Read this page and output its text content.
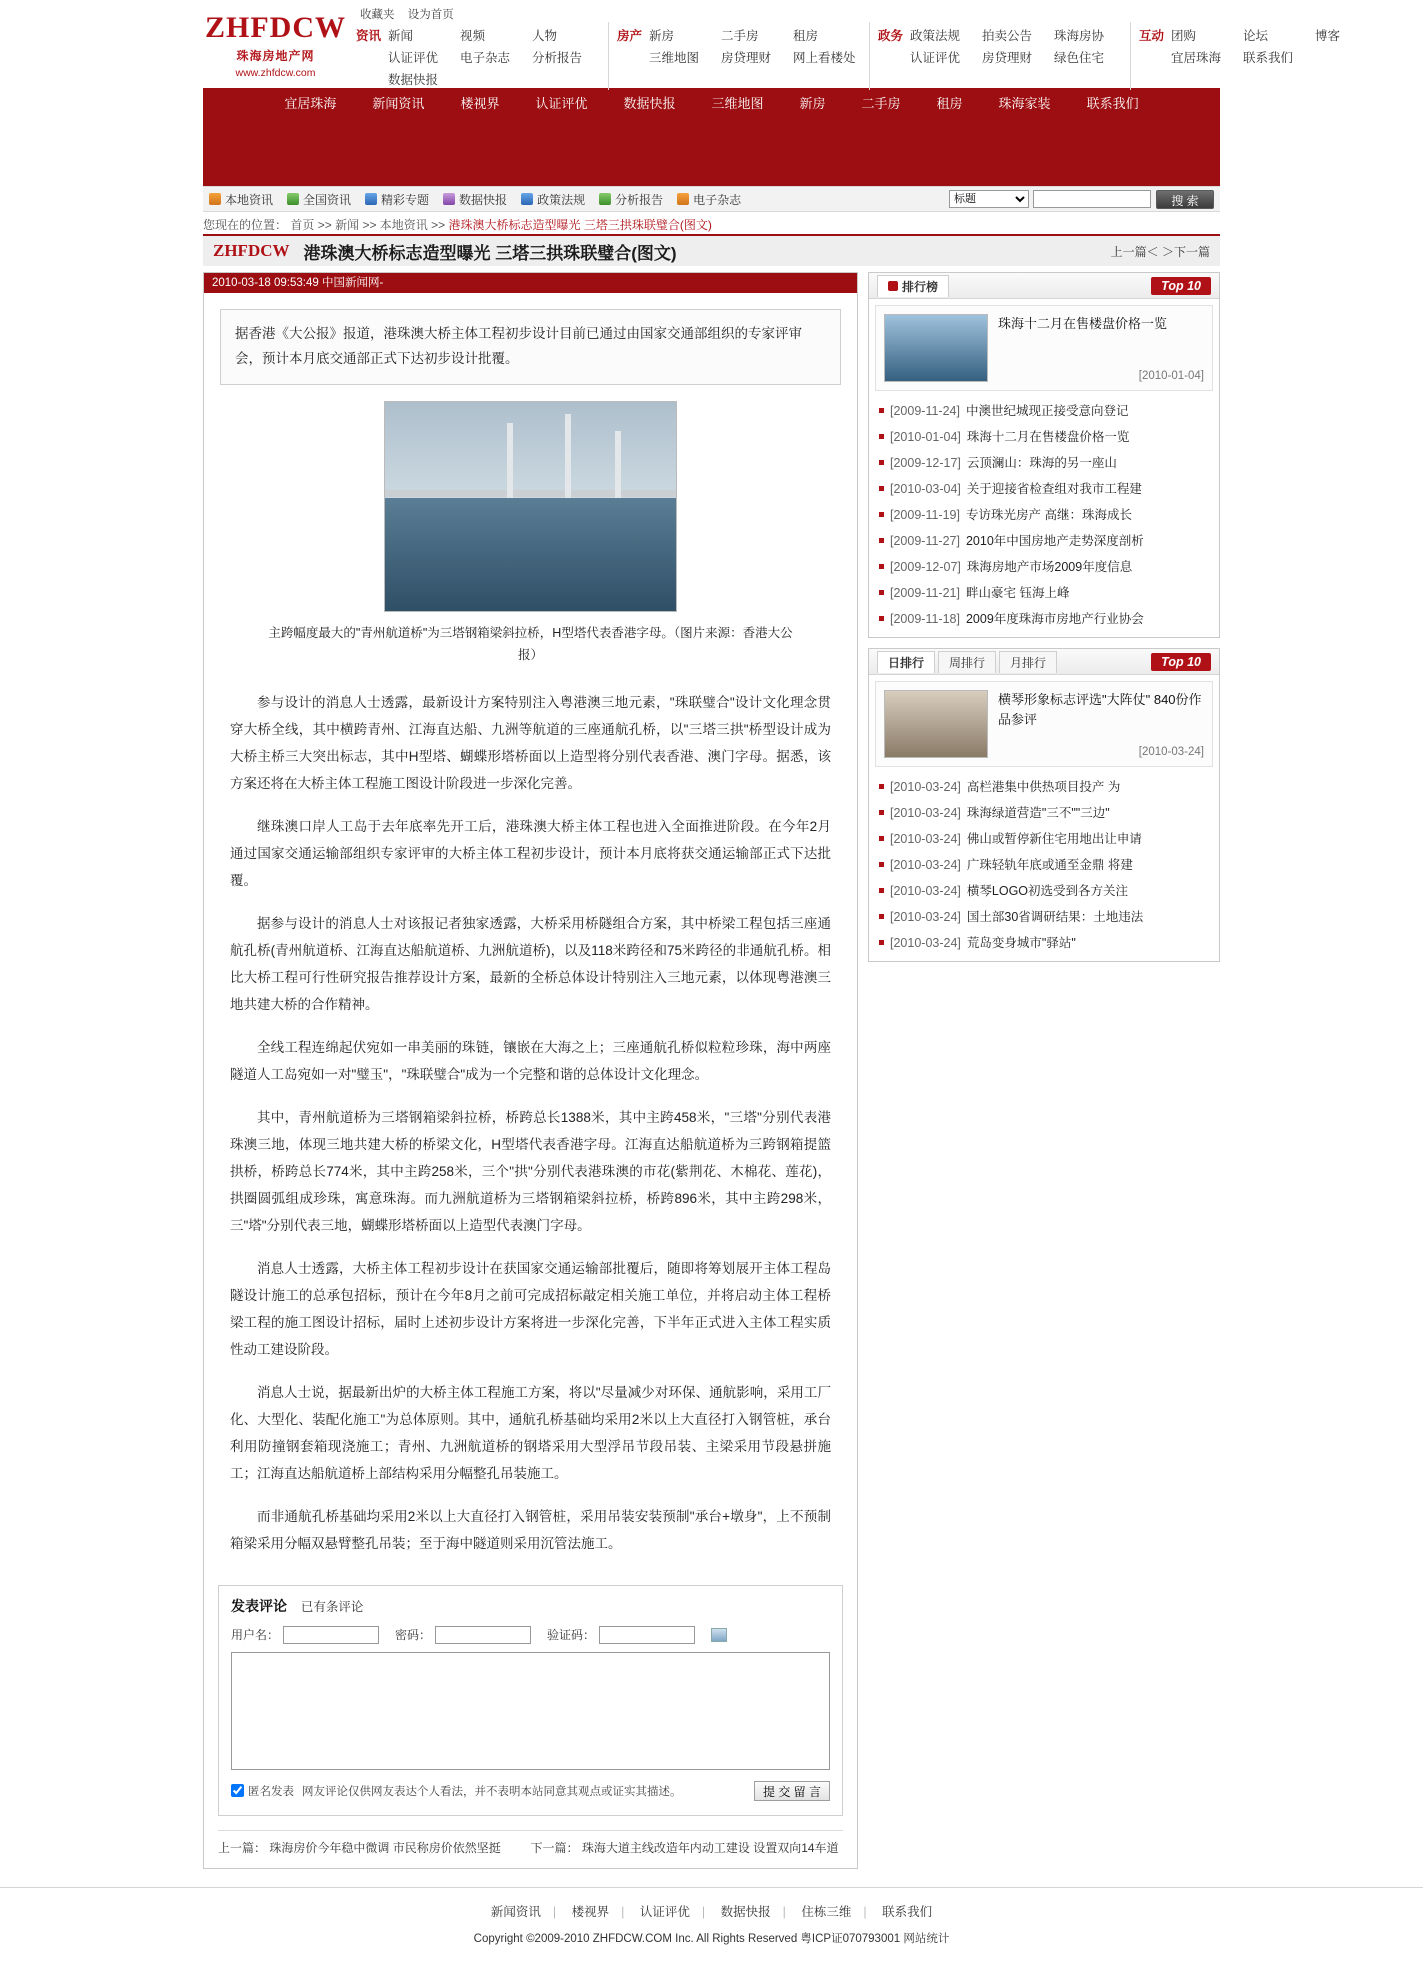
ZHFDCW
珠海房地产网
www.zhfdcw.com
收藏夹 设为首页
资讯 新闻	视频	人物
认证评优	电子杂志	分析报告
数据快报
房产 新房	二手房	租房
三维地图	房贷理财	网上看楼处
政务 政策法规	拍卖公告	珠海房协
认证评优	房贷理财	绿色住宅
互动 团购	论坛	博客
宜居珠海	联系我们
宜居珠海	新闻资讯	楼视界	认证评优	数据快报	三维地图	新房	二手房	租房	珠海家装	联系我们
本地资讯	全国资讯	精彩专题	数据快报	政策法规	分析报告	电子杂志
标题	搜 索
您现在的位置： 首页 >> 新闻 >> 本地资讯 >> 港珠澳大桥标志造型曝光 三塔三拱珠联璧合(图文)
ZHFDCW 港珠澳大桥标志造型曝光 三塔三拱珠联璧合(图文)	上一篇＜ ＞下一篇
2010-03-18 09:53:49 中国新闻网-
据香港《大公报》报道，港珠澳大桥主体工程初步设计目前已通过由国家交通部组织的专家评审会，预计本月底交通部正式下达初步设计批覆。
主跨幅度最大的"青州航道桥"为三塔钢箱梁斜拉桥，H型塔代表香港字母。（图片来源：香港大公报）

参与设计的消息人士透露，最新设计方案特别注入粤港澳三地元素，"珠联璧合"设计文化理念贯穿大桥全线，其中横跨青州、江海直达船、九洲等航道的三座通航孔桥，以"三塔三拱"桥型设计成为大桥主桥三大突出标志，其中H型塔、蝴蝶形塔桥面以上造型将分别代表香港、澳门字母。据悉，该方案还将在大桥主体工程施工图设计阶段进一步深化完善。

继珠澳口岸人工岛于去年底率先开工后，港珠澳大桥主体工程也进入全面推进阶段。在今年2月通过国家交通运输部组织专家评审的大桥主体工程初步设计，预计本月底将获交通运输部正式下达批覆。

据参与设计的消息人士对该报记者独家透露，大桥采用桥隧组合方案，其中桥梁工程包括三座通航孔桥(青州航道桥、江海直达船航道桥、九洲航道桥)，以及118米跨径和75米跨径的非通航孔桥。相比大桥工程可行性研究报告推荐设计方案，最新的全桥总体设计特别注入三地元素，以体现粤港澳三地共建大桥的合作精神。

全线工程连绵起伏宛如一串美丽的珠链，镶嵌在大海之上；三座通航孔桥似粒粒珍珠，海中两座隧道人工岛宛如一对"璧玉"，"珠联璧合"成为一个完整和谐的总体设计文化理念。

其中，青州航道桥为三塔钢箱梁斜拉桥，桥跨总长1388米，其中主跨458米，"三塔"分别代表港珠澳三地，体现三地共建大桥的桥梁文化，H型塔代表香港字母。江海直达船航道桥为三跨钢箱提篮拱桥，桥跨总长774米，其中主跨258米，三个"拱"分别代表港珠澳的市花(紫荆花、木棉花、莲花)，拱圈圆弧组成珍珠，寓意珠海。而九洲航道桥为三塔钢箱梁斜拉桥，桥跨896米，其中主跨298米，三"塔"分别代表三地，蝴蝶形塔桥面以上造型代表澳门字母。

消息人士透露，大桥主体工程初步设计在获国家交通运输部批覆后，随即将筹划展开主体工程岛隧设计施工的总承包招标，预计在今年8月之前可完成招标敲定相关施工单位，并将启动主体工程桥梁工程的施工图设计招标，届时上述初步设计方案将进一步深化完善，下半年正式进入主体工程实质性动工建设阶段。

消息人士说，据最新出炉的大桥主体工程施工方案，将以"尽量减少对环保、通航影响，采用工厂化、大型化、装配化施工"为总体原则。其中，通航孔桥基础均采用2米以上大直径打入钢管桩，承台利用防撞钢套箱现浇施工；青州、九洲航道桥的钢塔采用大型浮吊节段吊装、主梁采用节段悬拼施工；江海直达船航道桥上部结构采用分幅整孔吊装施工。

而非通航孔桥基础均采用2米以上大直径打入钢管桩，采用吊装安装预制"承台+墩身"，上不预制箱梁采用分幅双悬臂整孔吊装；至于海中隧道则采用沉管法施工。

发表评论 已有条评论
用户名：	密码：	验证码：
匿名发表 网友评论仅供网友表达个人看法，并不表明本站同意其观点或证实其描述。	提 交 留 言
上一篇： 珠海房价今年稳中微调 市民称房价依然坚挺	下一篇： 珠海大道主线改造年内动工建设 设置双向14车道
排行榜	Top 10
珠海十二月在售楼盘价格一览
[2010-01-04]
[2009-11-24] 中澳世纪城现正接受意向登记
[2010-01-04] 珠海十二月在售楼盘价格一览
[2009-12-17] 云顶澜山：珠海的另一座山
[2010-03-04] 关于迎接省检查组对我市工程建
[2009-11-19] 专访珠光房产 高继：珠海成长
[2009-11-27] 2010年中国房地产走势深度剖析
[2009-12-07] 珠海房地产市场2009年度信息
[2009-11-21] 畔山豪宅 钰海上峰
[2009-11-18] 2009年度珠海市房地产行业协会
日排行 周排行 月排行	Top 10
横琴形象标志评选"大阵仗" 840份作品参评
[2010-03-24]
[2010-03-24] 高栏港集中供热项目投产 为
[2010-03-24] 珠海绿道营造"三不""三边"
[2010-03-24] 佛山或暂停新住宅用地出让申请
[2010-03-24] 广珠轻轨年底或通至金鼎 将建
[2010-03-24] 横琴LOGO初选受到各方关注
[2010-03-24] 国土部30省调研结果：土地违法
[2010-03-24] 荒岛变身城市"驿站"
新闻资讯 | 楼视界 | 认证评优 | 数据快报 | 住栋三维 | 联系我们
Copyright ©2009-2010 ZHFDCW.COM Inc. All Rights Reserved 粤ICP证070793001 网站统计
